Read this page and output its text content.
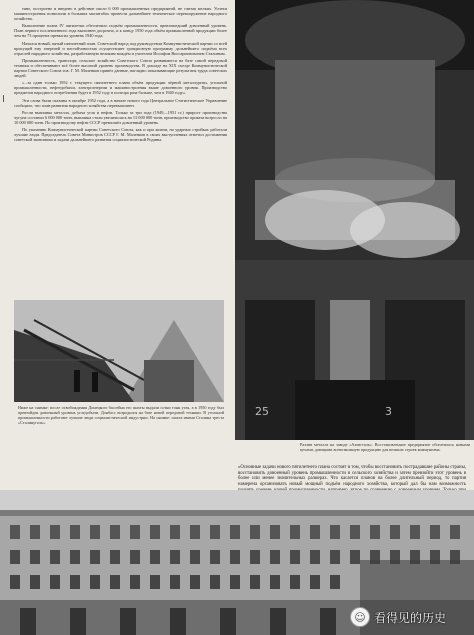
тяно, построено и введено в действие около 6 000 промышленных предприятий, не считая мелких. Успехи машиностроения позволили в больших масштабах провести дальнейшее техническое перевооружение народного хозяйства.

Выполнение плана IV пятилетки обеспечило подъём промышленности, превзошедший довоенный уровень. План первого послевоенного года выполнен досрочно, и к концу 1950 года объём промышленной продукции более чем на 73 процента превысил уровень 1940 года.

Начался новый, пятый пятилетний план. Советский народ под руководством Коммунистической партии со всей присущей ему энергией и настойчивостью осуществляет грандиозную программу дальнейшего подъёма всех отраслей народного хозяйства, разработанную великим вождём и учителем Иосифом Виссарионовичем Сталиным.

Промышленность, транспорт, сельское хозяйство Советского Союза развиваются на базе самой передовой техники и обеспечивают всё более высокий уровень производства. В докладе на XIX съезде Коммунистической партии Советского Союза тов. Г. М. Маленков привёл данные, наглядно показывающие результаты труда советских людей.

«...за один только 1952 г. текущего пятилетнего плана объём продукции чёрной металлургии, угольной промышленности, нефтедобычи, электроэнергии и машиностроения выше довоенного уровня. Производство предметов народного потребления будет в 1952 году в полтора раза больше, чем в 1940 году».

Эти слова были сказаны в октябре 1952 года, а в начале нового года Центральное Статистическое Управление сообщило, что план развития народного хозяйства перевыполнен.

Росли выплавка металла, добыча угля и нефти. Только за три года (1949—1951 гг.) прирост производства чугуна составил 6 000 000 тонн, выплавка стали увеличилась на 13 000 000 тонн, производство проката возросло на 10 000 000 тонн. По производству нефти СССР превзошёл довоенный уровень.

По указанию Коммунистической партии Советского Союза, как и при жизни, на ударных стройках работали лучшие люди. Председатель Совета Министров СССР Г. М. Маленков в своих выступлениях отметил достижения советской экономики и задачи дальнейшего развития социалистической Родины.

25	3
Разлив металла на заводе «Азовсталь». Восстановленное предприятие обогатилось новыми цехами, дающими всевозможную продукцию для великих строек коммунизма.
Ниже на снимке: после освобождения Донецкого бассейна его шахты выдали сотни тонн угля, а в 1950 году был превзойден довоенный уровень угледобычи. Донбасс возродился на базе новой передовой техники. В угольной промышленности работают лучшие люди социалистической индустрии. На снимке: шахта имени Сталина треста «Сталинуголь».
«Основные задачи нового пятилетнего плана состоят в том, чтобы восстановить пострадавшие районы страны, восстановить довоенный уровень промышленности и сельского хозяйства и затем превзойти этот уровень в более или менее значительных размерах. Что касается планов на более длительный период, то партия намерена организовать новый мощный подъём народного хозяйства, который дал бы нам возможность
☺ 看得见的历史
